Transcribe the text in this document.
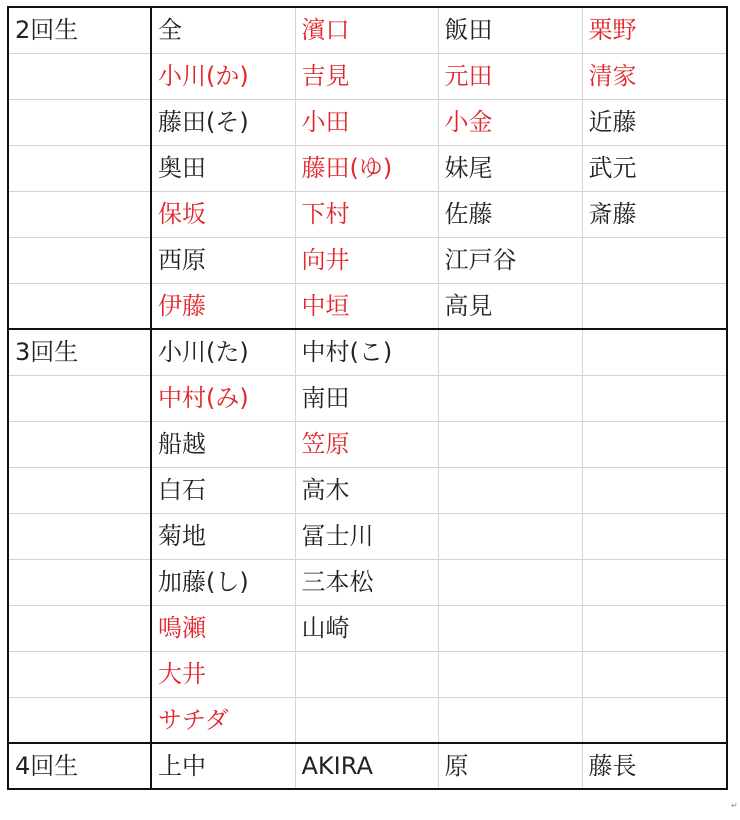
2回生	全	濱口	飯田	栗野
	小川(か)	吉見	元田	清家
	藤田(そ)	小田	小金	近藤
	奥田	藤田(ゆ)	妹尾	武元
	保坂	下村	佐藤	斎藤
	西原	向井	江戸谷	
	伊藤	中垣	高見	
3回生	小川(た)	中村(こ)		
	中村(み)	南田		
	船越	笠原		
	白石	高木		
	菊地	冨士川		
	加藤(し)	三本松		
	鳴瀬	山崎		
	大井			
	サチダ			
4回生	上中	AKIRA	原	藤長
↵
